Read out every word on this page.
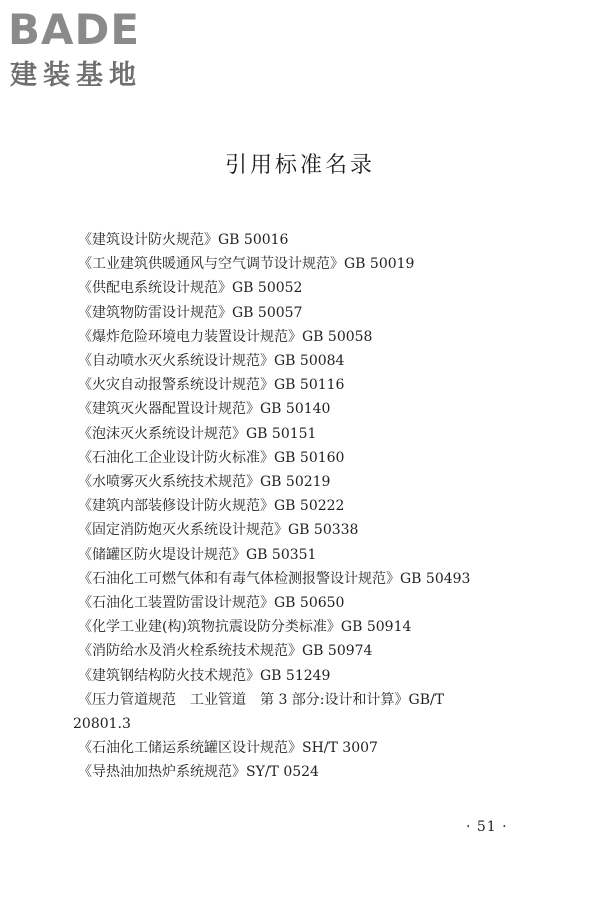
BADE
建装基地
引用标准名录
《建筑设计防火规范》GB 50016
《工业建筑供暖通风与空气调节设计规范》GB 50019
《供配电系统设计规范》GB 50052
《建筑物防雷设计规范》GB 50057
《爆炸危险环境电力装置设计规范》GB 50058
《自动喷水灭火系统设计规范》GB 50084
《火灾自动报警系统设计规范》GB 50116
《建筑灭火器配置设计规范》GB 50140
《泡沫灭火系统设计规范》GB 50151
《石油化工企业设计防火标准》GB 50160
《水喷雾灭火系统技术规范》GB 50219
《建筑内部装修设计防火规范》GB 50222
《固定消防炮灭火系统设计规范》GB 50338
《储罐区防火堤设计规范》GB 50351
《石油化工可燃气体和有毒气体检测报警设计规范》GB 50493
《石油化工装置防雷设计规范》GB 50650
《化学工业建(构)筑物抗震设防分类标准》GB 50914
《消防给水及消火栓系统技术规范》GB 50974
《建筑钢结构防火技术规范》GB 51249
《压力管道规范　工业管道　第 3 部分:设计和计算》GB/T
20801.3
《石油化工储运系统罐区设计规范》SH/T 3007
《导热油加热炉系统规范》SY/T 0524
· 51 ·
